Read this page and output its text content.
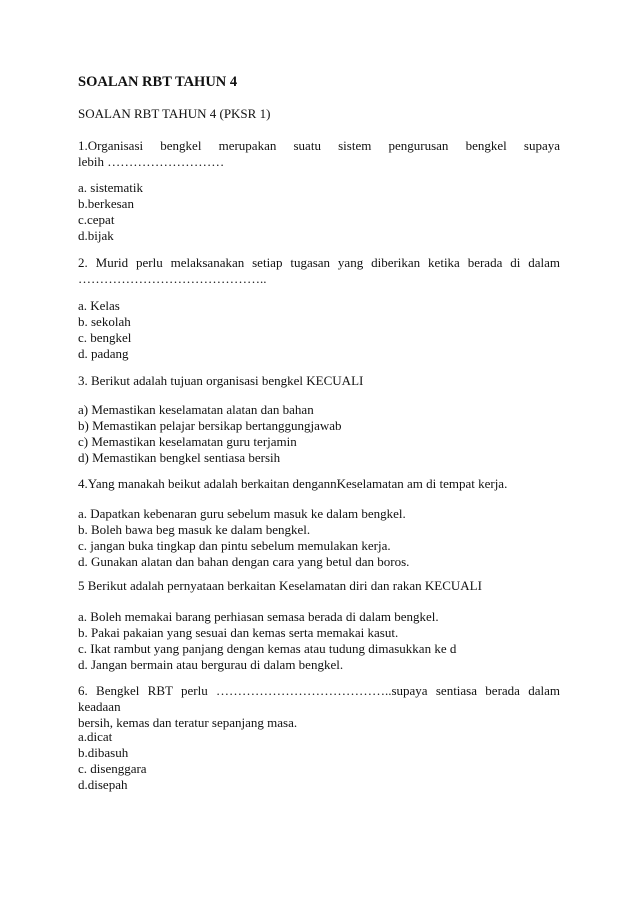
SOALAN RBT TAHUN 4
SOALAN RBT TAHUN 4 (PKSR 1)
1.Organisasi bengkel merupakan suatu sistem pengurusan bengkel supaya
lebih ………………………
a. sistematik
b.berkesan
c.cepat
d.bijak
2. Murid perlu melaksanakan setiap tugasan yang diberikan ketika berada di dalam
……………………………………..
a. Kelas
b. sekolah
c. bengkel
d. padang
3. Berikut adalah tujuan organisasi bengkel KECUALI
a) Memastikan keselamatan alatan dan bahan
b) Memastikan pelajar bersikap bertanggungjawab
c) Memastikan keselamatan guru terjamin
d) Memastikan bengkel sentiasa bersih
4.Yang manakah beikut adalah berkaitan dengannKeselamatan am di tempat kerja.
a. Dapatkan kebenaran guru sebelum masuk ke dalam bengkel.
b. Boleh bawa beg masuk ke dalam bengkel.
c. jangan buka tingkap dan pintu sebelum memulakan kerja.
d. Gunakan alatan dan bahan dengan cara yang betul dan boros.
5 Berikut adalah pernyataan berkaitan Keselamatan diri dan rakan KECUALI
a. Boleh memakai barang perhiasan semasa berada di dalam bengkel.
b. Pakai pakaian yang sesuai dan kemas serta memakai kasut.
c. Ikat rambut yang panjang dengan kemas atau tudung dimasukkan ke d
d. Jangan bermain atau bergurau di dalam bengkel.
6. Bengkel RBT perlu …………………………………..supaya sentiasa berada dalam keadaan
bersih, kemas dan teratur sepanjang masa.
a.dicat
b.dibasuh
c. disenggara
d.disepah
